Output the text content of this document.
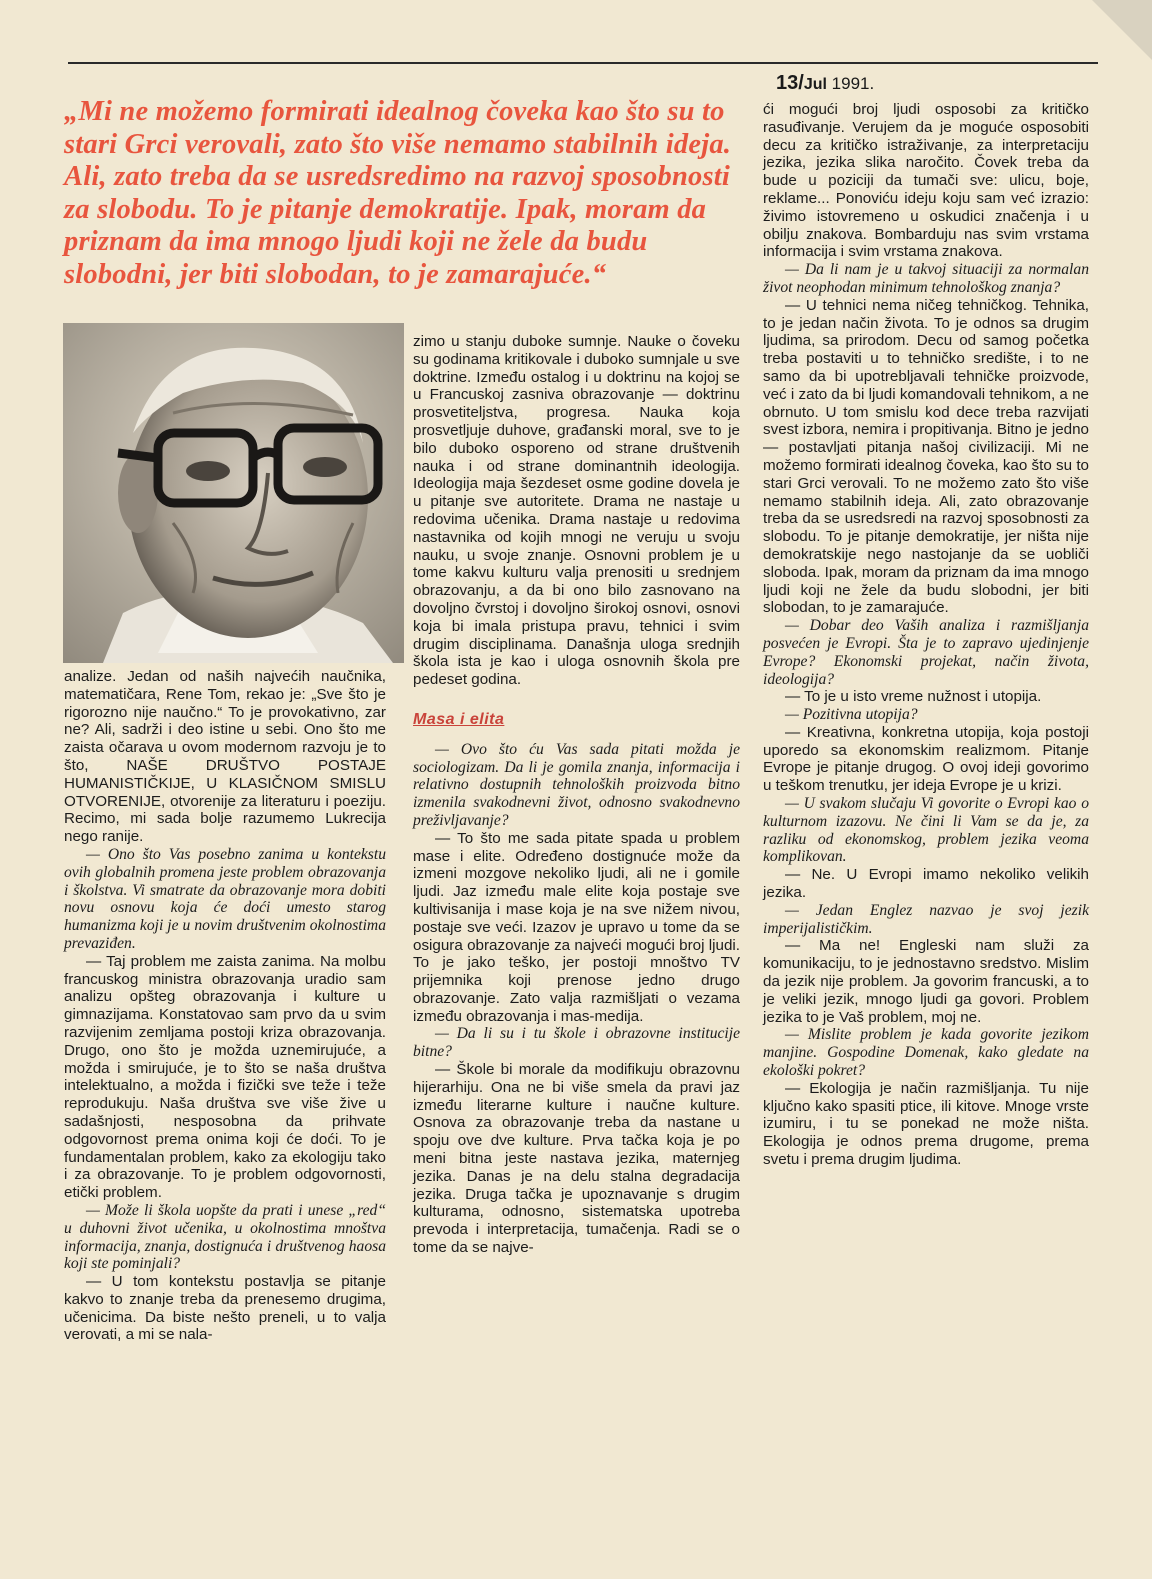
13/Jul 1991.
„Mi ne možemo formirati idealnog čoveka kao što su to stari Grci verovali, zato što više nemamo stabilnih ideja. Ali, zato treba da se usredsredimo na razvoj sposobnosti za slobodu. To je pitanje demokratije. Ipak, moram da priznam da ima mnogo ljudi koji ne žele da budu slobodni, jer biti slobodan, to je zamarajuće.“

analize. Jedan od naših najvećih naučnika, matematičara, Rene Tom, rekao je: „Sve što je rigorozno nije naučno.“ To je provokativno, zar ne? Ali, sadrži i deo istine u sebi. Ono što me zaista očarava u ovom modernom razvoju je to što, NAŠE DRUŠTVO POSTAJE HUMANISTIČKIJE, U KLASIČNOM SMISLU OTVORENIJE, otvorenije za literaturu i poeziju. Recimo, mi sada bolje razumemo Lukrecija nego ranije.

— Ono što Vas posebno zanima u kontekstu ovih globalnih promena jeste problem obrazovanja i školstva. Vi smatrate da obrazovanje mora dobiti novu osnovu koja će doći umesto starog humanizma koji je u novim društvenim okolnostima prevaziđen.

— Taj problem me zaista zanima. Na molbu francuskog ministra obrazovanja uradio sam analizu opšteg obrazovanja i kulture u gimnazijama. Konstatovao sam prvo da u svim razvijenim zemljama postoji kriza obrazovanja. Drugo, ono što je možda uznemirujuće, a možda i smirujuće, je to što se naša društva intelektualno, a možda i fizički sve teže i teže reprodukuju. Naša društva sve više žive u sadašnjosti, nesposobna da prihvate odgovornost prema onima koji će doći. To je fundamentalan problem, kako za ekologiju tako i za obrazovanje. To je problem odgovornosti, etički problem.

— Može li škola uopšte da prati i unese „red“ u duhovni život učenika, u okolnostima mnoštva informacija, znanja, dostignuća i društvenog haosa koji ste pominjali?

— U tom kontekstu postavlja se pitanje kakvo to znanje treba da prenesemo drugima, učenicima. Da biste nešto preneli, u to valja verovati, a mi se nala-

zimo u stanju duboke sumnje. Nauke o čoveku su godinama kritikovale i duboko sumnjale u sve doktrine. Između ostalog i u doktrinu na kojoj se u Francuskoj zasniva obrazovanje — doktrinu prosvetiteljstva, progresa. Nauka koja prosvetljuje duhove, građanski moral, sve to je bilo duboko osporeno od strane društvenih nauka i od strane dominantnih ideologija. Ideologija maja šezdeset osme godine dovela je u pitanje sve autoritete. Drama ne nastaje u redovima učenika. Drama nastaje u redovima nastavnika od kojih mnogi ne veruju u svoju nauku, u svoje znanje. Osnovni problem je u tome kakvu kulturu valja prenositi u srednjem obrazovanju, a da bi ono bilo zasnovano na dovoljno čvrstoj i dovoljno širokoj osnovi, osnovi koja bi imala pristupa pravu, tehnici i svim drugim disciplinama. Današnja uloga srednjih škola ista je kao i uloga osnovnih škola pre pedeset godina.

Masa i elita

— Ovo što ću Vas sada pitati možda je sociologizam. Da li je gomila znanja, informacija i relativno dostupnih tehnoloških proizvoda bitno izmenila svakodnevni život, odnosno svakodnevno preživljavanje?

— To što me sada pitate spada u problem mase i elite. Određeno dostignuće može da izmeni mozgove nekoliko ljudi, ali ne i gomile ljudi. Jaz između male elite koja postaje sve kultivisanija i mase koja je na sve nižem nivou, postaje sve veći. Izazov je upravo u tome da se osigura obrazovanje za najveći mogući broj ljudi. To je jako teško, jer postoji mnoštvo TV prijemnika koji prenose jedno drugo obrazovanje. Zato valja razmišljati o vezama između obrazovanja i mas-medija.

— Da li su i tu škole i obrazovne institucije bitne?

— Škole bi morale da modifikuju obrazovnu hijerarhiju. Ona ne bi više smela da pravi jaz između literarne kulture i naučne kulture. Osnova za obrazovanje treba da nastane u spoju ove dve kulture. Prva tačka koja je po meni bitna jeste nastava jezika, maternjeg jezika. Danas je na delu stalna degradacija jezika. Druga tačka je upoznavanje s drugim kulturama, odnosno, sistematska upotreba prevoda i interpretacija, tumačenja. Radi se o tome da se najve-

ći mogući broj ljudi osposobi za kritičko rasuđivanje. Verujem da je moguće osposobiti decu za kritičko istraživanje, za interpretaciju jezika, jezika slika naročito. Čovek treba da bude u poziciji da tumači sve: ulicu, boje, reklame... Ponoviću ideju koju sam već izrazio: živimo istovremeno u oskudici značenja i u obilju znakova. Bombarduju nas svim vrstama informacija i svim vrstama znakova.

— Da li nam je u takvoj situaciji za normalan život neophodan minimum tehnološkog znanja?

— U tehnici nema ničeg tehničkog. Tehnika, to je jedan način života. To je odnos sa drugim ljudima, sa prirodom. Decu od samog početka treba postaviti u to tehničko središte, i to ne samo da bi upotrebljavali tehničke proizvode, već i zato da bi ljudi komandovali tehnikom, a ne obrnuto. U tom smislu kod dece treba razvijati svest izbora, nemira i propitivanja. Bitno je jedno — postavljati pitanja našoj civilizaciji. Mi ne možemo formirati idealnog čoveka, kao što su to stari Grci verovali. To ne možemo zato što više nemamo stabilnih ideja. Ali, zato obrazovanje treba da se usredsredi na razvoj sposobnosti za slobodu. To je pitanje demokratije, jer ništa nije demokratskije nego nastojanje da se uobliči sloboda. Ipak, moram da priznam da ima mnogo ljudi koji ne žele da budu slobodni, jer biti slobodan, to je zamarajuće.

— Dobar deo Vaših analiza i razmišljanja posvećen je Evropi. Šta je to zapravo ujedinjenje Evrope? Ekonomski projekat, način života, ideologija?

— To je u isto vreme nužnost i utopija.

— Pozitivna utopija?

— Kreativna, konkretna utopija, koja postoji uporedo sa ekonomskim realizmom. Pitanje Evrope je pitanje drugog. O ovoj ideji govorimo u teškom trenutku, jer ideja Evrope je u krizi.

— U svakom slučaju Vi govorite o Evropi kao o kulturnom izazovu. Ne čini li Vam se da je, za razliku od ekonomskog, problem jezika veoma komplikovan.

— Ne. U Evropi imamo nekoliko velikih jezika.

— Jedan Englez nazvao je svoj jezik imperijalističkim.

— Ma ne! Engleski nam služi za komunikaciju, to je jednostavno sredstvo. Mislim da jezik nije problem. Ja govorim francuski, a to je veliki jezik, mnogo ljudi ga govori. Problem jezika to je Vaš problem, moj ne.

— Mislite problem je kada govorite jezikom manjine. Gospodine Domenak, kako gledate na ekološki pokret?

— Ekologija je način razmišljanja. Tu nije ključno kako spasiti ptice, ili kitove. Mnoge vrste izumiru, i tu se ponekad ne može ništa. Ekologija je odnos prema drugome, prema svetu i prema drugim ljudima.
